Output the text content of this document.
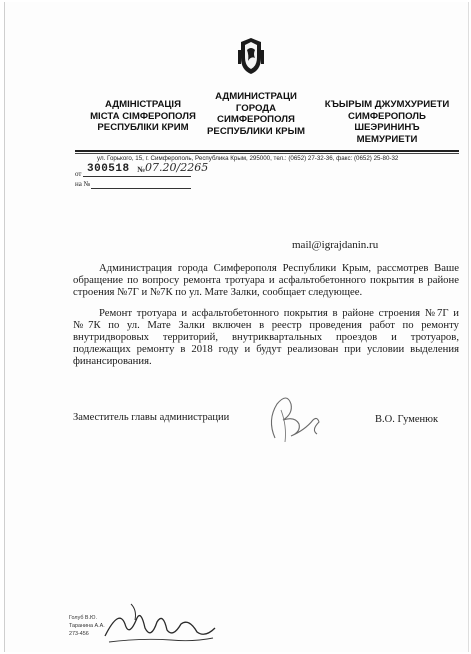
АДМІНІСТРАЦІЯ
МІСТА СІМФЕРОПОЛЯ
РЕСПУБЛІКИ КРИМ
АДМИНИСТРАЦИ
ГОРОДА
СИМФЕРОПОЛЯ
РЕСПУБЛИКИ КРЫМ
КЪЫРЫМ ДЖУМХУРИЕТИ
СИМФЕРОПОЛЬ
ШЕЭРИНИНЪ
МЕМУРИЕТИ
ул. Горького, 15, г. Симферополь, Республика Крым, 295000, тел.: (0652) 27-32-36, факс: (0652) 25-80-32
от 300518 № 07.20/2265
на №
mail@igrajdanin.ru

Администрация города Симферополя Республики Крым, рассмотрев Ваше обращение по вопросу ремонта тротуара и асфальтобетонного покрытия в районе строения №7Г и №7К по ул. Мате Залки, сообщает следующее.

Ремонт тротуара и асфальтобетонного покрытия в районе строения №7Г и №7К по ул. Мате Залки включен в реестр проведения работ по ремонту внутридворовых территорий, внутриквартальных проездов и тротуаров, подлежащих ремонту в 2018 году и будут реализован при условии выделения финансирования.

Заместитель главы администрации	В.О. Гуменюк
Голуб В.Ю.
Таранина А.А.
273-456
